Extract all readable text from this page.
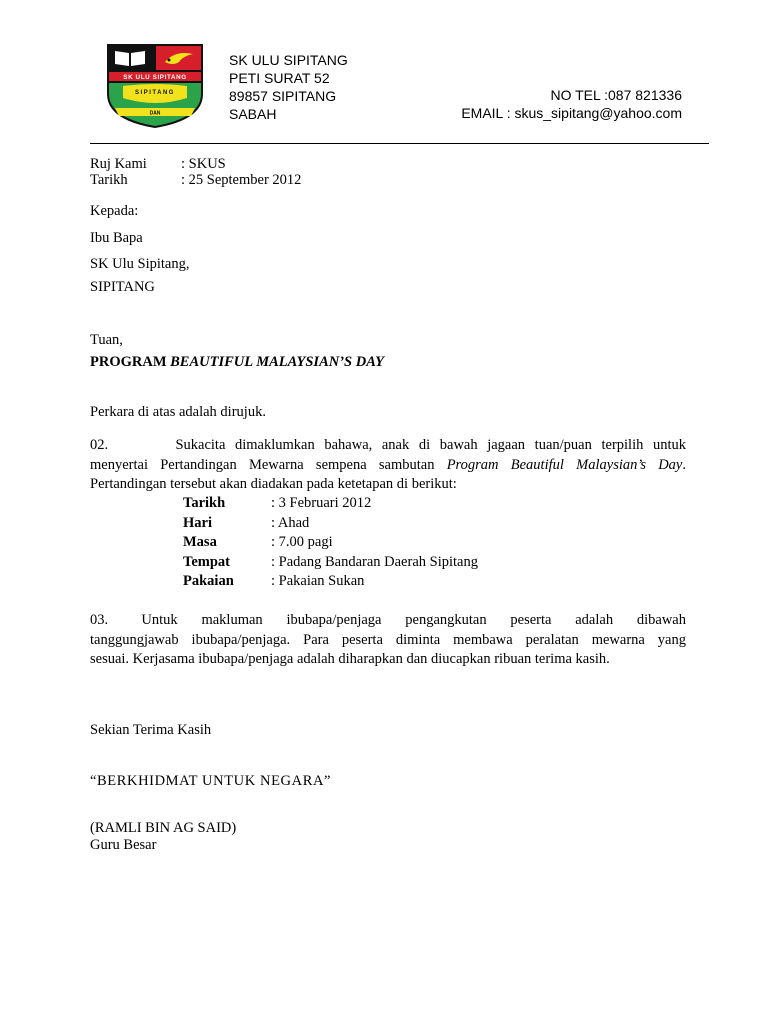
SK ULU SIPITANG
SIPITANG
DAN
SK ULU SIPITANG
PETI SURAT 52
89857 SIPITANG
SABAH
NO TEL :087 821336
EMAIL : skus_sipitang@yahoo.com
Ruj Kami	: SKUS
Tarikh	: 25 September 2012
Kepada:
Ibu Bapa
SK Ulu Sipitang,
SIPITANG
Tuan,
PROGRAM BEAUTIFUL MALAYSIAN’S DAY
Perkara di atas adalah dirujuk.
02.       Sukacita dimaklumkan bahawa, anak di bawah jagaan tuan/puan terpilih untuk
menyertai Pertandingan Mewarna sempena sambutan Program Beautiful Malaysian’s Day.
Pertandingan tersebut akan diadakan pada ketetapan di berikut:
Tarikh	: 3 Februari 2012
Hari	: Ahad
Masa	: 7.00 pagi
Tempat	: Padang Bandaran Daerah Sipitang
Pakaian	: Pakaian Sukan
03.       Untuk     makluman     ibubapa/penjaga     pengangkutan     peserta     adalah     dibawah
tanggungjawab ibubapa/penjaga. Para peserta diminta membawa peralatan mewarna yang
sesuai. Kerjasama ibubapa/penjaga adalah diharapkan dan diucapkan ribuan terima kasih.
Sekian Terima Kasih
“BERKHIDMAT UNTUK NEGARA”
(RAMLI BIN AG SAID)
Guru Besar
